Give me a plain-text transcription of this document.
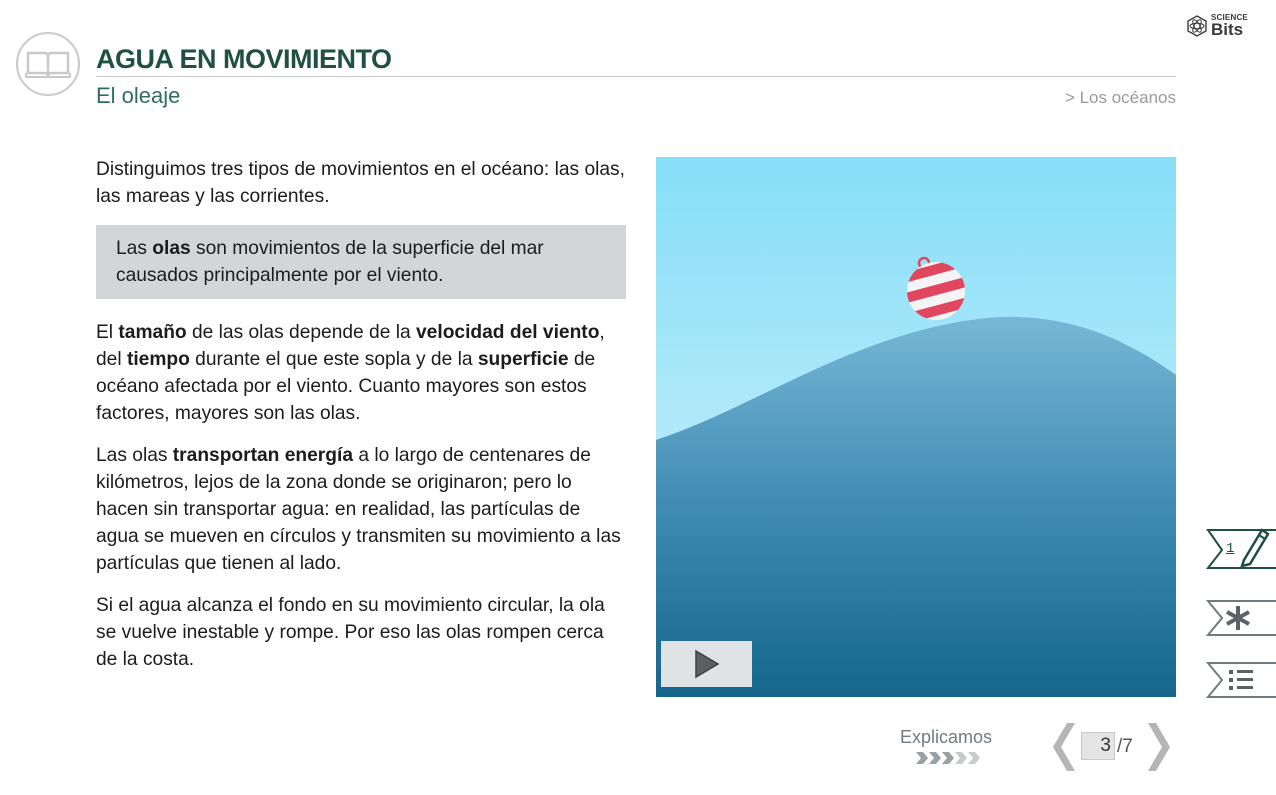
AGUA EN MOVIMIENTO
El oleaje	> Los océanos
SCIENCE
Bits

Distinguimos tres tipos de movimientos en el océano: las olas, las mareas y las corrientes.

Las olas son movimientos de la superficie del mar causados principalmente por el viento.

El tamaño de las olas depende de la velocidad del viento, del tiempo durante el que este sopla y de la superficie de océano afectada por el viento. Cuanto mayores son estos factores, mayores son las olas.

Las olas transportan energía a lo largo de centenares de kilómetros, lejos de la zona donde se originaron; pero lo hacen sin transportar agua: en realidad, las partículas de agua se mueven en círculos y transmiten su movimiento a las partículas que tienen al lado.

Si el agua alcanza el fondo en su movimiento circular, la ola se vuelve inestable y rompe. Por eso las olas rompen cerca de la costa.

1
Explicamos
3	/7
